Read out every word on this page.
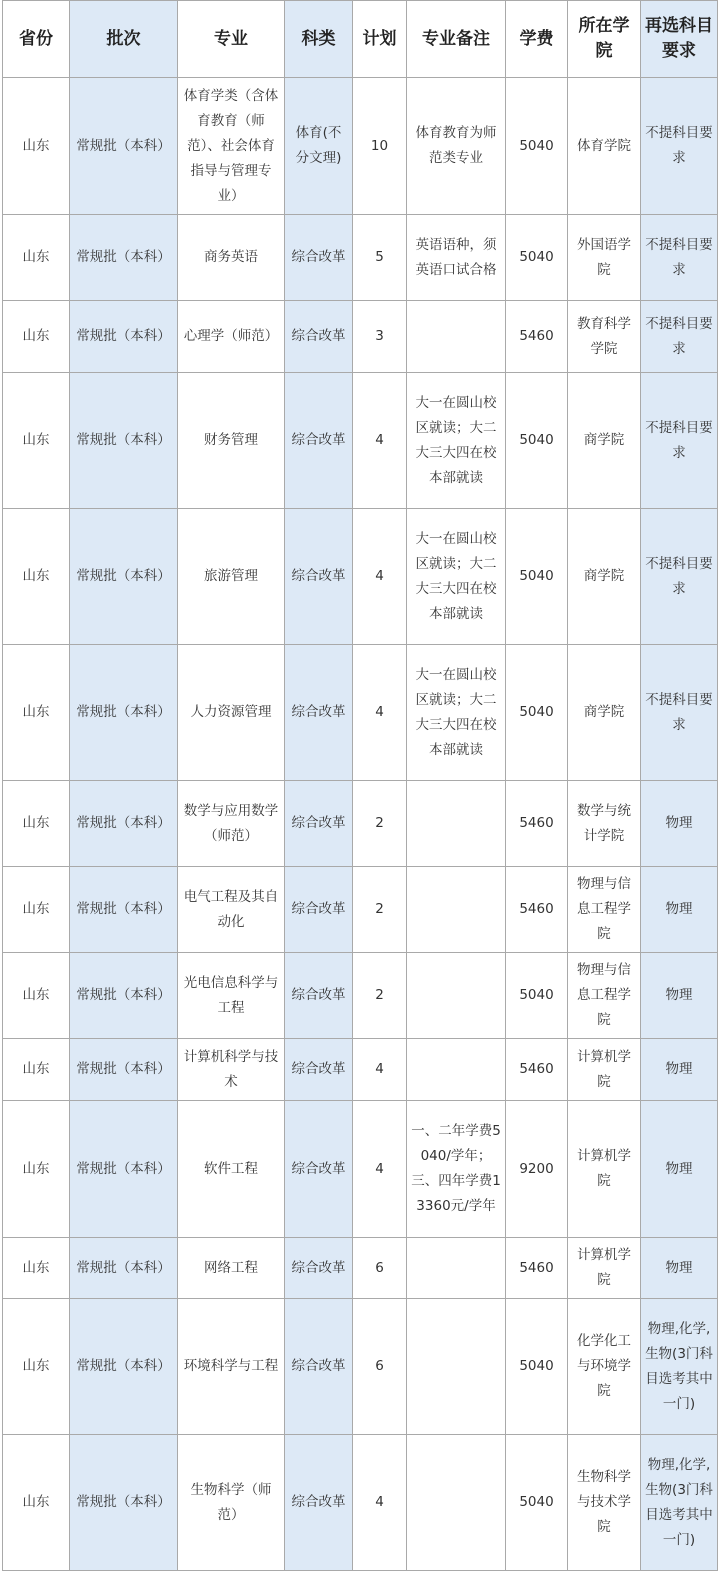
省份	批次	专业	科类	计划	专业备注	学费	所在学院	再选科目要求
山东	常规批（本科）	体育学类（含体育教育（师范）、社会体育指导与管理专业）	体育(不分文理)	10	体育教育为师范类专业	5040	体育学院	不提科目要求
山东	常规批（本科）	商务英语	综合改革	5	英语语种，须英语口试合格	5040	外国语学院	不提科目要求
山东	常规批（本科）	心理学（师范）	综合改革	3		5460	教育科学学院	不提科目要求
山东	常规批（本科）	财务管理	综合改革	4	大一在圆山校区就读；大二大三大四在校本部就读	5040	商学院	不提科目要求
山东	常规批（本科）	旅游管理	综合改革	4	大一在圆山校区就读；大二大三大四在校本部就读	5040	商学院	不提科目要求
山东	常规批（本科）	人力资源管理	综合改革	4	大一在圆山校区就读；大二大三大四在校本部就读	5040	商学院	不提科目要求
山东	常规批（本科）	数学与应用数学（师范）	综合改革	2		5460	数学与统计学院	物理
山东	常规批（本科）	电气工程及其自动化	综合改革	2		5460	物理与信息工程学院	物理
山东	常规批（本科）	光电信息科学与工程	综合改革	2		5040	物理与信息工程学院	物理
山东	常规批（本科）	计算机科学与技术	综合改革	4		5460	计算机学院	物理
山东	常规批（本科）	软件工程	综合改革	4	一、二年学费5040/学年；三、四年学费13360元/学年	9200	计算机学院	物理
山东	常规批（本科）	网络工程	综合改革	6		5460	计算机学院	物理
山东	常规批（本科）	环境科学与工程	综合改革	6		5040	化学化工与环境学院	物理,化学,生物(3门科目选考其中一门)
山东	常规批（本科）	生物科学（师范）	综合改革	4		5040	生物科学与技术学院	物理,化学,生物(3门科目选考其中一门)
